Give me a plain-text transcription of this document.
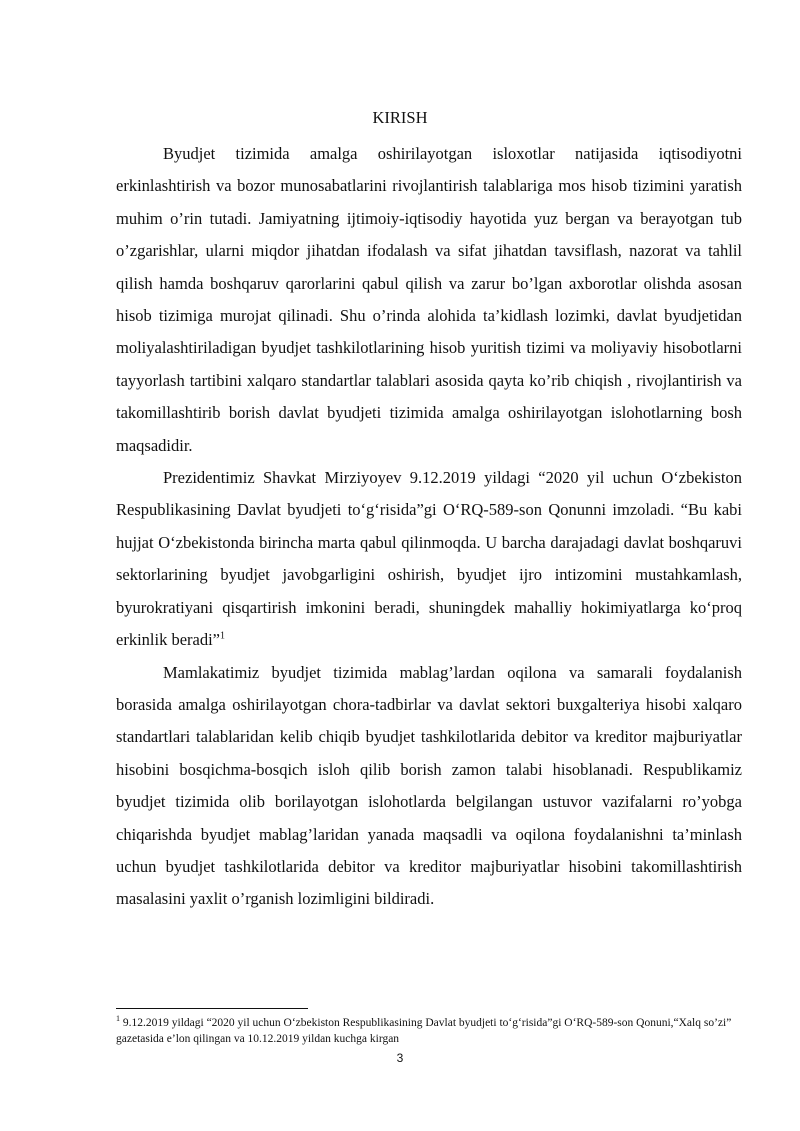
KIRISH

Byudjet tizimida amalga oshirilayotgan isloxotlar natijasida iqtisodiyotni erkinlashtirish va bozor munosabatlarini rivojlantirish talablariga mos hisob tizimini yaratish muhim o’rin tutadi. Jamiyatning ijtimoiy-iqtisodiy hayotida yuz bergan va berayotgan tub o’zgarishlar, ularni miqdor jihatdan ifodalash va sifat jihatdan tavsiflash, nazorat va tahlil qilish hamda boshqaruv qarorlarini qabul qilish va zarur bo’lgan axborotlar olishda asosan hisob tizimiga murojat qilinadi. Shu o’rinda alohida ta’kidlash lozimki, davlat byudjetidan moliyalashtiriladigan byudjet tashkilotlarining hisob yuritish tizimi va moliyaviy hisobotlarni tayyorlash tartibini xalqaro standartlar talablari asosida qayta ko’rib chiqish , rivojlantirish va takomillashtirib borish davlat byudjeti tizimida amalga oshirilayotgan islohotlarning bosh maqsadidir.

Prezidentimiz Shavkat Mirziyoyev 9.12.2019 yildagi “2020 yil uchun O‘zbekiston Respublikasining Davlat byudjeti to‘g‘risida”gi O‘RQ-589-son Qonunni imzoladi. “Bu kabi hujjat O‘zbekistonda birincha marta qabul qilinmoqda. U barcha darajadagi davlat boshqaruvi sektorlarining byudjet javobgarligini oshirish, byudjet ijro intizomini mustahkamlash, byurokratiyani qisqartirish imkonini beradi, shuningdek mahalliy hokimiyatlarga ko‘proq erkinlik beradi”$^1$

Mamlakatimiz byudjet tizimida mablag’lardan oqilona va samarali foydalanish borasida amalga oshirilayotgan chora-tadbirlar va davlat sektori buxgalteriya hisobi xalqaro standartlari talablaridan kelib chiqib byudjet tashkilotlarida debitor va kreditor majburiyatlar hisobini bosqichma-bosqich isloh qilib borish zamon talabi hisoblanadi. Respublikamiz byudjet tizimida olib borilayotgan islohotlarda belgilangan ustuvor vazifalarni ro’yobga chiqarishda byudjet mablag’laridan yanada maqsadli va oqilona foydalanishni ta’minlash uchun byudjet tashkilotlarida debitor va kreditor majburiyatlar hisobini takomillashtirish masalasini yaxlit o’rganish lozimligini bildiradi.

$^1$ 9.12.2019 yildagi “2020 yil uchun O‘zbekiston Respublikasining Davlat byudjeti to‘g‘risida”gi O‘RQ-589-son Qonuni,“Xalq so’zi” gazetasida e’lon qilingan va 10.12.2019 yildan kuchga kirgan
3
